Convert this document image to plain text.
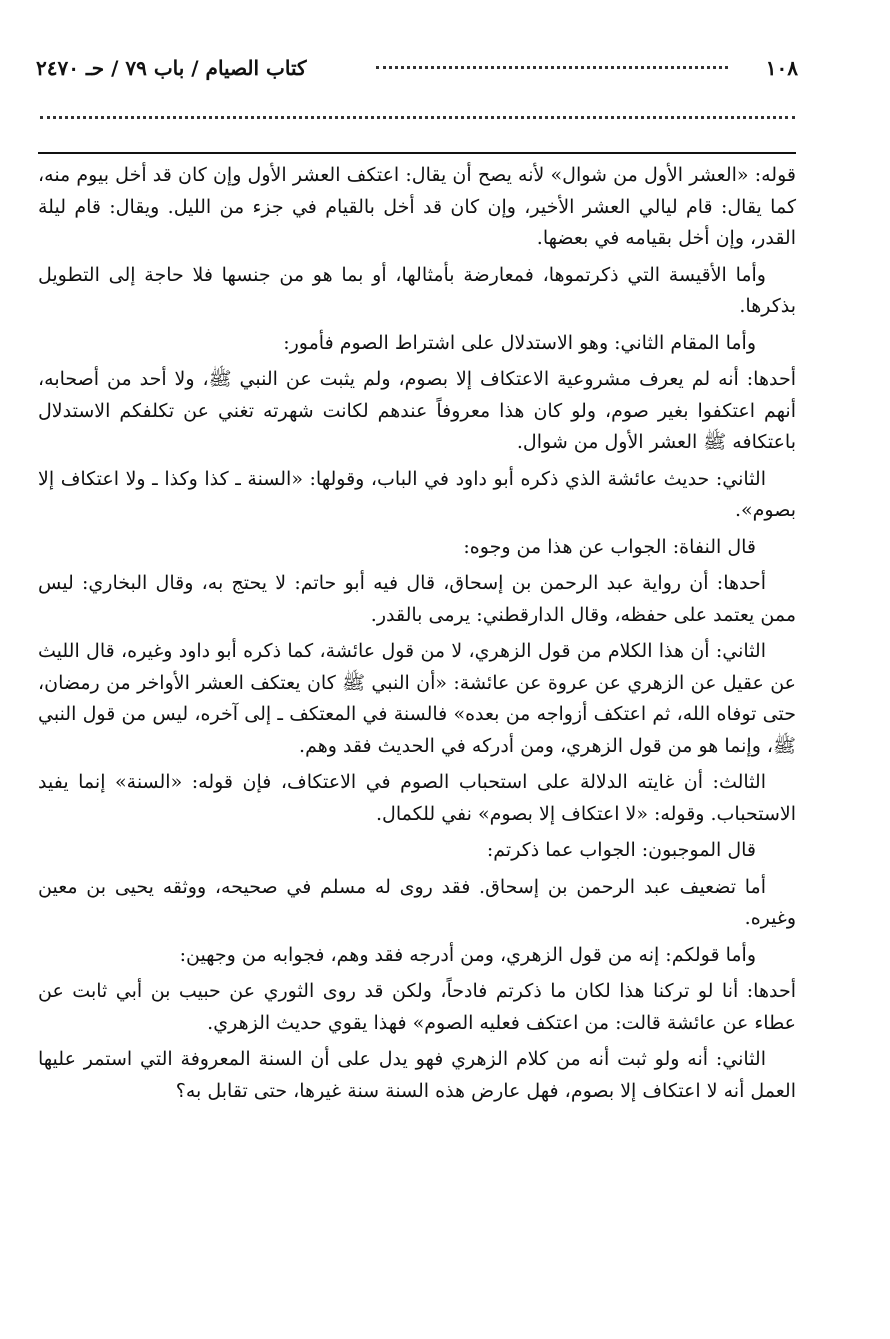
١٠٨
كتاب الصيام / باب ٧٩ / حـ ٢٤٧٠

قوله: «العشر الأول من شوال» لأنه يصح أن يقال: اعتكف العشر الأول وإن كان قد أخل بيوم منه، كما يقال: قام ليالي العشر الأخير، وإن كان قد أخل بالقيام في جزء من الليل. ويقال: قام ليلة القدر، وإن أخل بقيامه في بعضها.

وأما الأقيسة التي ذكرتموها، فمعارضة بأمثالها، أو بما هو من جنسها فلا حاجة إلى التطويل بذكرها.

وأما المقام الثاني: وهو الاستدلال على اشتراط الصوم فأمور:

أحدها: أنه لم يعرف مشروعية الاعتكاف إلا بصوم، ولم يثبت عن النبي ﷺ، ولا أحد من أصحابه، أنهم اعتكفوا بغير صوم، ولو كان هذا معروفاً عندهم لكانت شهرته تغني عن تكلفكم الاستدلال باعتكافه ﷺ العشر الأول من شوال.

الثاني: حديث عائشة الذي ذكره أبو داود في الباب، وقولها: «السنة ـ كذا وكذا ـ ولا اعتكاف إلا بصوم».

قال النفاة: الجواب عن هذا من وجوه:

أحدها: أن رواية عبد الرحمن بن إسحاق، قال فيه أبو حاتم: لا يحتج به، وقال البخاري: ليس ممن يعتمد على حفظه، وقال الدارقطني: يرمى بالقدر.

الثاني: أن هذا الكلام من قول الزهري، لا من قول عائشة، كما ذكره أبو داود وغيره، قال الليث عن عقيل عن الزهري عن عروة عن عائشة: «أن النبي ﷺ كان يعتكف العشر الأواخر من رمضان، حتى توفاه الله، ثم اعتكف أزواجه من بعده» فالسنة في المعتكف ـ إلى آخره، ليس من قول النبي ﷺ، وإنما هو من قول الزهري، ومن أدركه في الحديث فقد وهم.

الثالث: أن غايته الدلالة على استحباب الصوم في الاعتكاف، فإن قوله: «السنة» إنما يفيد الاستحباب. وقوله: «لا اعتكاف إلا بصوم» نفي للكمال.

قال الموجبون: الجواب عما ذكرتم:

أما تضعيف عبد الرحمن بن إسحاق. فقد روى له مسلم في صحيحه، ووثقه يحيى بن معين وغيره.

وأما قولكم: إنه من قول الزهري، ومن أدرجه فقد وهم، فجوابه من وجهين:

أحدها: أنا لو تركنا هذا لكان ما ذكرتم فادحاً، ولكن قد روى الثوري عن حبيب بن أبي ثابت عن عطاء عن عائشة قالت: من اعتكف فعليه الصوم» فهذا يقوي حديث الزهري.

الثاني: أنه ولو ثبت أنه من كلام الزهري فهو يدل على أن السنة المعروفة التي استمر عليها العمل أنه لا اعتكاف إلا بصوم، فهل عارض هذه السنة سنة غيرها، حتى تقابل به؟
